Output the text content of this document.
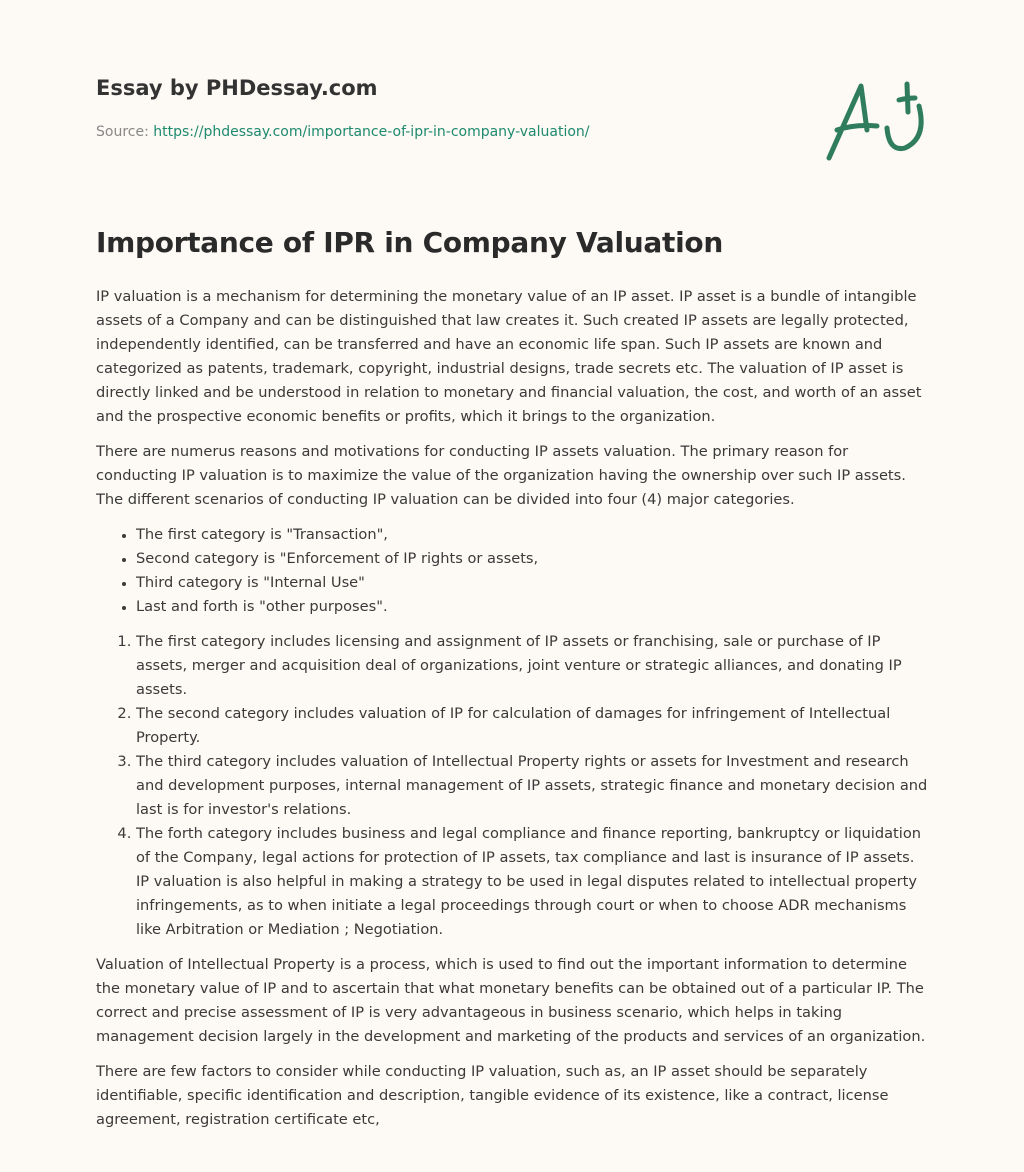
Essay by PHDessay.com
Source: https://phdessay.com/importance-of-ipr-in-company-valuation/
Importance of IPR in Company Valuation

IP valuation is a mechanism for determining the monetary value of an IP asset. IP asset is a bundle of intangible assets of a Company and can be distinguished that law creates it. Such created IP assets are legally protected, independently identified, can be transferred and have an economic life span. Such IP assets are known and categorized as patents, trademark, copyright, industrial designs, trade secrets etc. The valuation of IP asset is directly linked and be understood in relation to monetary and financial valuation, the cost, and worth of an asset and the prospective economic benefits or profits, which it brings to the organization.

There are numerus reasons and motivations for conducting IP assets valuation. The primary reason for conducting IP valuation is to maximize the value of the organization having the ownership over such IP assets. The different scenarios of conducting IP valuation can be divided into four (4) major categories.

• The first category is "Transaction",
• Second category is "Enforcement of IP rights or assets,
• Third category is "Internal Use"
• Last and forth is "other purposes".
1. The first category includes licensing and assignment of IP assets or franchising, sale or purchase of IP assets, merger and acquisition deal of organizations, joint venture or strategic alliances, and donating IP assets.
2. The second category includes valuation of IP for calculation of damages for infringement of Intellectual Property.
3. The third category includes valuation of Intellectual Property rights or assets for Investment and research and development purposes, internal management of IP assets, strategic finance and monetary decision and last is for investor's relations.
4. The forth category includes business and legal compliance and finance reporting, bankruptcy or liquidation of the Company, legal actions for protection of IP assets, tax compliance and last is insurance of IP assets. IP valuation is also helpful in making a strategy to be used in legal disputes related to intellectual property infringements, as to when initiate a legal proceedings through court or when to choose ADR mechanisms like Arbitration or Mediation ; Negotiation.

Valuation of Intellectual Property is a process, which is used to find out the important information to determine the monetary value of IP and to ascertain that what monetary benefits can be obtained out of a particular IP. The correct and precise assessment of IP is very advantageous in business scenario, which helps in taking management decision largely in the development and marketing of the products and services of an organization.

There are few factors to consider while conducting IP valuation, such as, an IP asset should be separately identifiable, specific identification and description, tangible evidence of its existence, like a contract, license agreement, registration certificate etc,
